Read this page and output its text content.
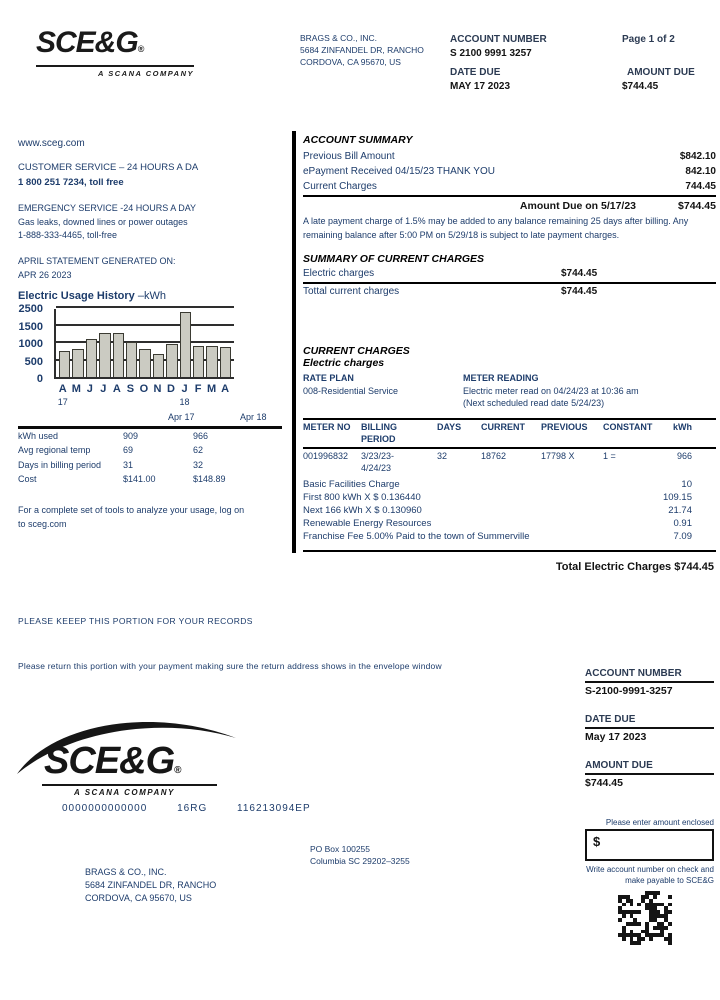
SCE&G®
A SCANA COMPANY
BRAGS & CO., INC.
5684 ZINFANDEL DR, RANCHO
CORDOVA, CA 95670, US
ACCOUNT NUMBER
S 2100 9991 3257
Page 1 of 2
DATE DUE	AMOUNT DUE
MAY 17 2023	$744.45
www.sceg.com
CUSTOMER SERVICE – 24 HOURS A DA
1 800 251 7234, toll free
EMERGENCY SERVICE -24 HOURS A DAY
Gas leaks, downed lines or power outages
1-888-333-4465, toll-free
APRIL STATEMENT GENERATED ON:
APR 26 2023
Electric Usage History –kWh
2500
1500
1000
500
0
A M J J A S O N D J F M A
17	18
Apr 17	Apr 18
kWh used	909	966
Avg regional temp	69	62
Days in billing period	31	32
Cost	$141.00	$148.89
For a complete set of tools to analyze your usage, log on
to sceg.com
ACCOUNT SUMMARY
Previous Bill Amount	$842.10
ePayment Received 04/15/23 THANK YOU	842.10
Current Charges	744.45
Amount Due on 5/17/23	$744.45
A late payment charge of 1.5% may be added to any balance remaining 25 days after billing. Any remaining balance after 5:00 PM on 5/29/18 is subject to late payment charges.
SUMMARY OF CURRENT CHARGES
Electric charges	$744.45
Tottal current charges	$744.45
CURRENT CHARGES
Electric charges
RATE PLAN	METER READING
008-Residential Service	Electric meter read on 04/24/23 at 10:36 am
(Next scheduled read date 5/24/23)
METER NO	BILLING	DAYS	CURRENT	PREVIOUS	CONSTANT	kWh
PERIOD
001996832	3/23/23-	32	18762	17798 X	1 =	966
4/24/23
Basic Facilities Charge	10
First 800 kWh X $ 0.136440	109.15
Next 166 kWh X $ 0.130960	21.74
Renewable Energy Resources	0.91
Franchise Fee 5.00% Paid to the town of Summerville	7.09
Total Electric Charges $744.45
PLEASE KEEEP THIS PORTION FOR YOUR RECORDS
Please return this portion with your payment making sure the return address shows in the envelope window
SCE&G®
A SCANA COMPANY
0000000000000	16RG	116213094EP
PO Box 100255
Columbia SC 29202–3255
BRAGS & CO., INC.
5684 ZINFANDEL DR, RANCHO
CORDOVA, CA 95670, US
ACCOUNT NUMBER
S-2100-9991-3257
DATE DUE
May 17 2023
AMOUNT DUE
$744.45
Please enter amount enclosed
$
Write account number on check and
make payable to SCE&G
